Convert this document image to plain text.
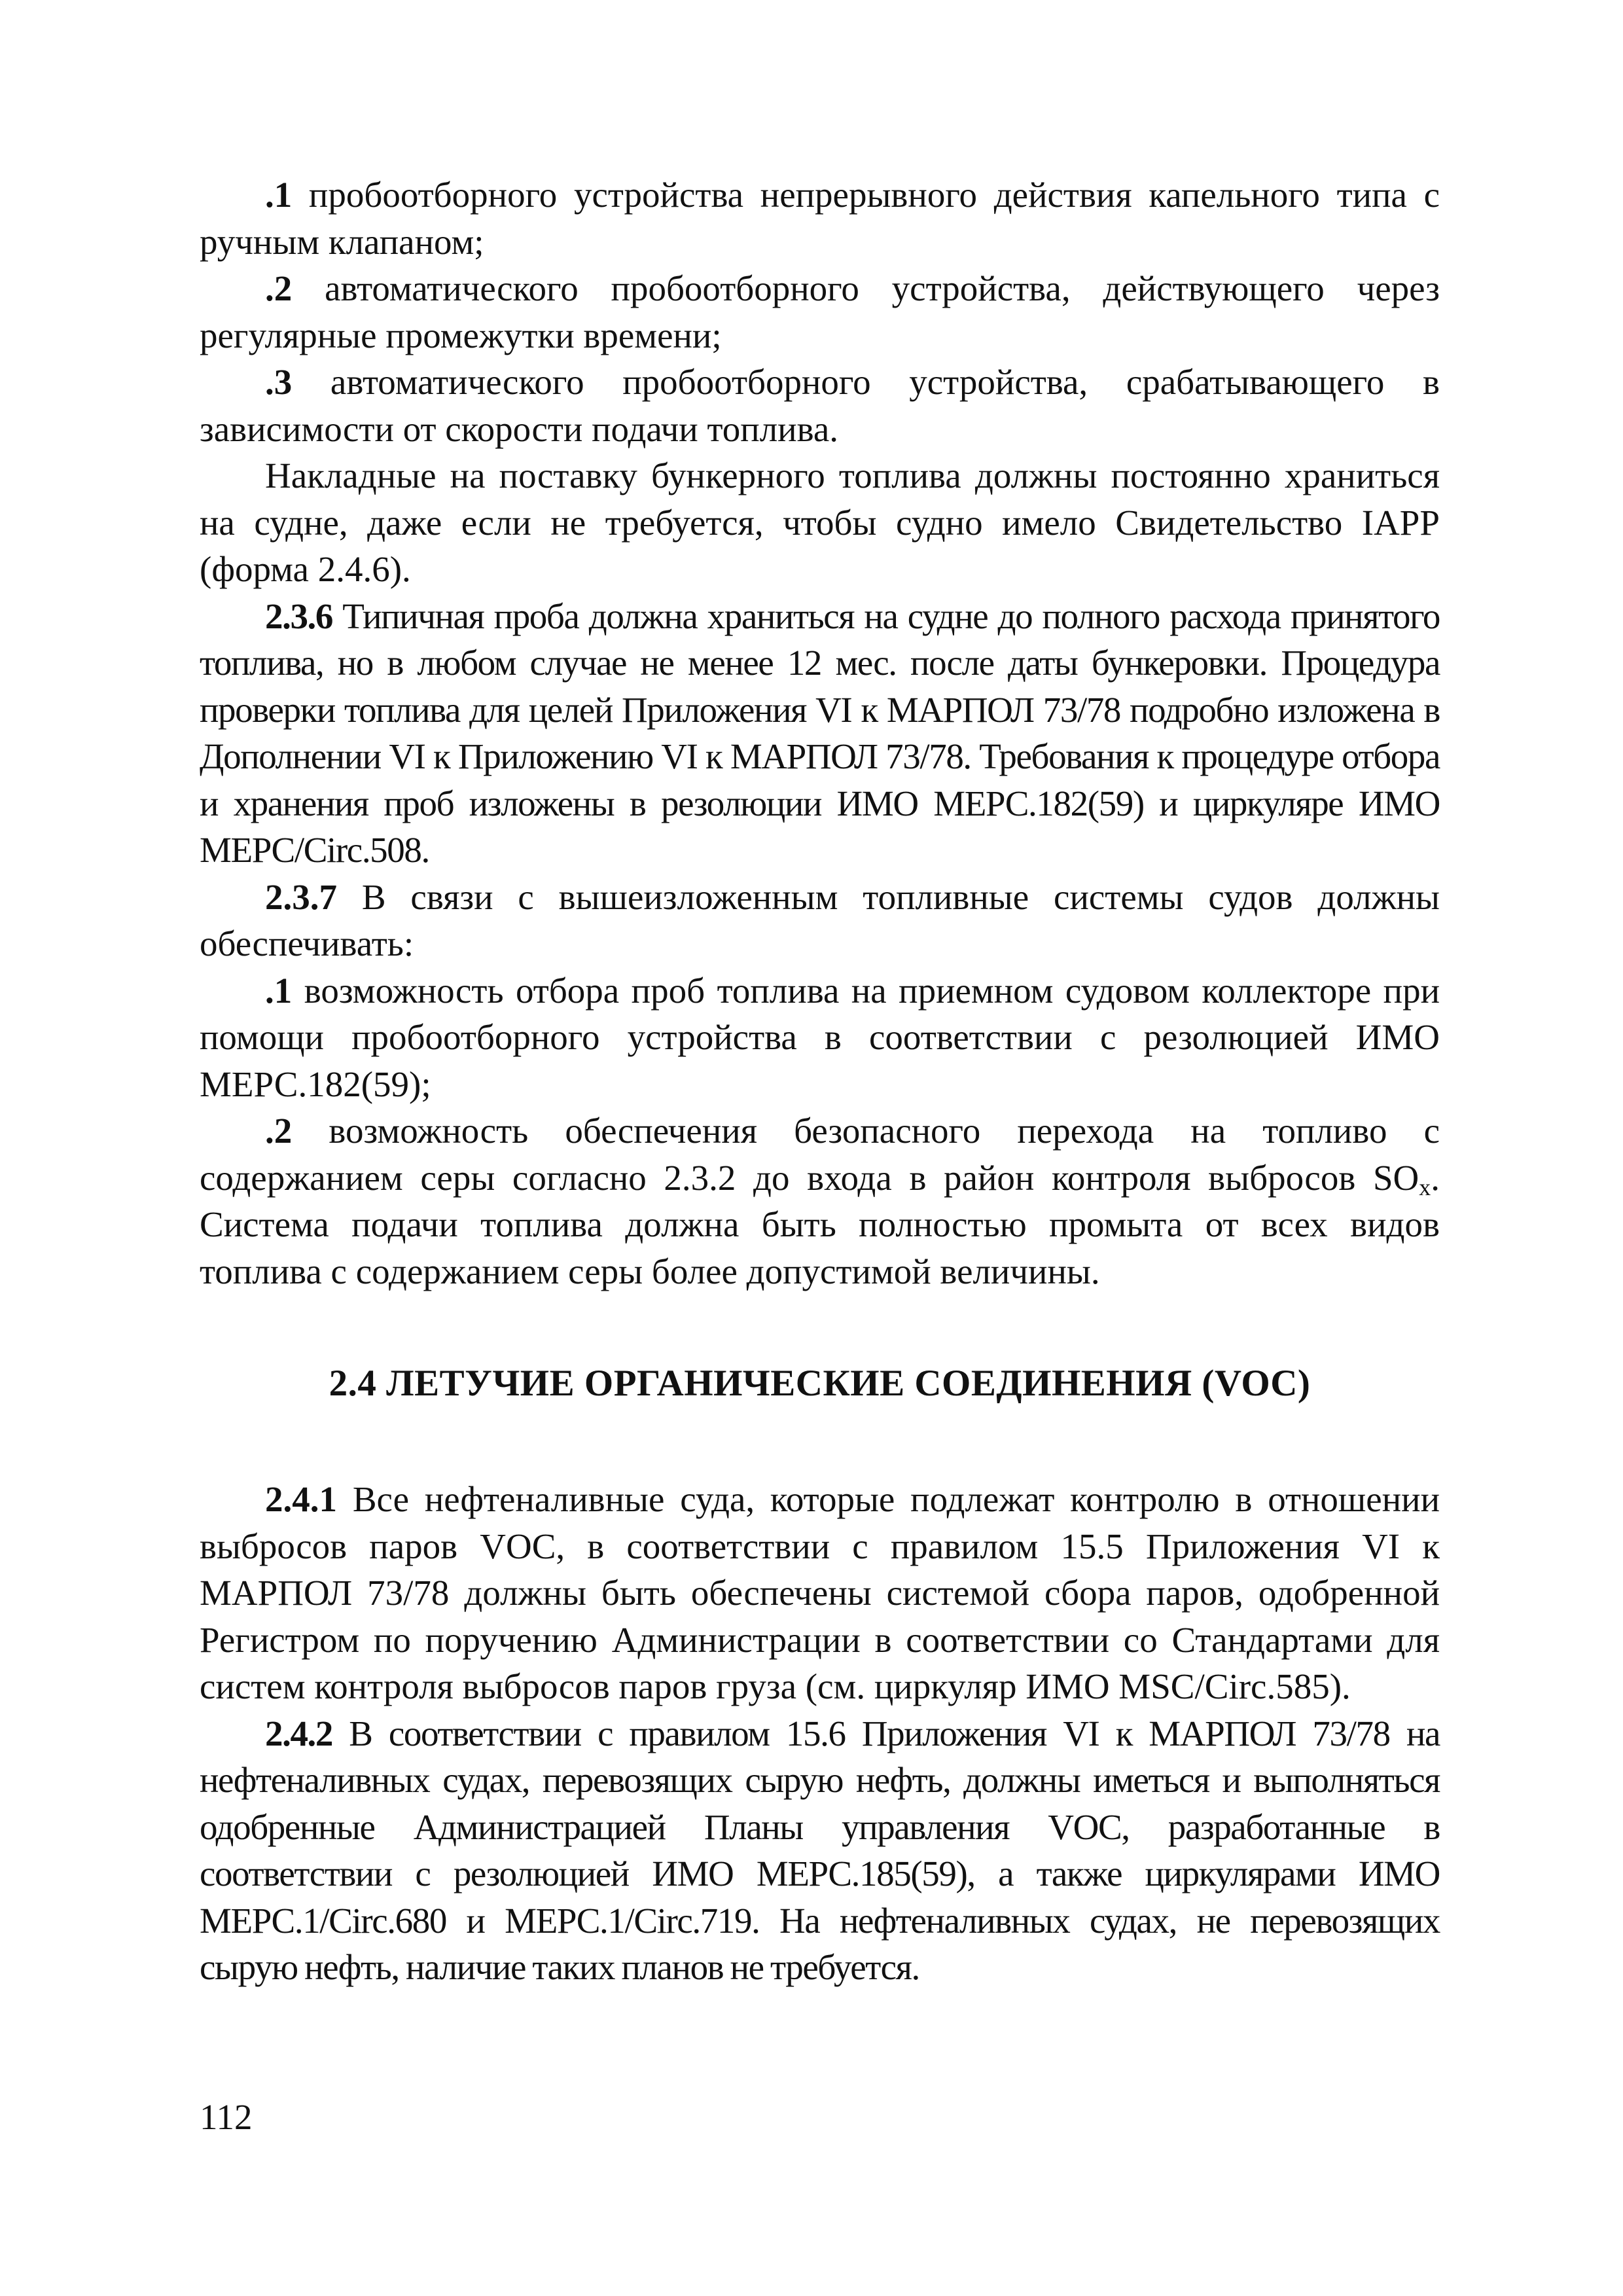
.1 пробоотборного устройства непрерывного действия капельного типа с ручным клапаном;

.2 автоматического пробоотборного устройства, действующего через регулярные промежутки времени;

.3 автоматического пробоотборного устройства, срабатывающего в зависимости от скорости подачи топлива.

Накладные на поставку бункерного топлива должны постоянно храниться на судне, даже если не требуется, чтобы судно имело Свидетельство IAPP (форма 2.4.6).

2.3.6 Типичная проба должна храниться на судне до полного расхода принятого топлива, но в любом случае не менее 12 мес. после даты бункеровки. Процедура проверки топлива для целей Приложения VI к МАРПОЛ 73/78 подробно изложена в Дополнении VI к Приложению VI к МАРПОЛ 73/78. Требования к процедуре отбора и хранения проб изложены в резолюции ИМО МЕРС.182(59) и циркуляре ИМО МЕРС/Circ.508.

2.3.7 В связи с вышеизложенным топливные системы судов должны обеспечивать:

.1 возможность отбора проб топлива на приемном судовом коллекторе при помощи пробоотборного устройства в соответствии с резолюцией ИМО МЕРС.182(59);

.2 возможность обеспечения безопасного перехода на топливо с содержанием серы согласно 2.3.2 до входа в район контроля выбросов $SO_x$. Система подачи топлива должна быть полностью промыта от всех видов топлива с содержанием серы более допустимой величины.

2.4 ЛЕТУЧИЕ ОРГАНИЧЕСКИЕ СОЕДИНЕНИЯ (VOC)

2.4.1 Все нефтеналивные суда, которые подлежат контролю в отношении выбросов паров VOC, в соответствии с правилом 15.5 Приложения VI к МАРПОЛ 73/78 должны быть обеспечены системой сбора паров, одобренной Регистром по поручению Администрации в соответствии со Стандартами для систем контроля выбросов паров груза (см. циркуляр ИМО MSC/Circ.585).

2.4.2 В соответствии с правилом 15.6 Приложения VI к МАРПОЛ 73/78 на нефтеналивных судах, перевозящих сырую нефть, должны иметься и выполняться одобренные Администрацией Планы управления VOC, разработанные в соответствии с резолюцией ИМО МЕРС.185(59), а также циркулярами ИМО МЕРС.1/Circ.680 и МЕРС.1/Circ.719. На нефтеналивных судах, не перевозящих сырую нефть, наличие таких планов не требуется.

112
